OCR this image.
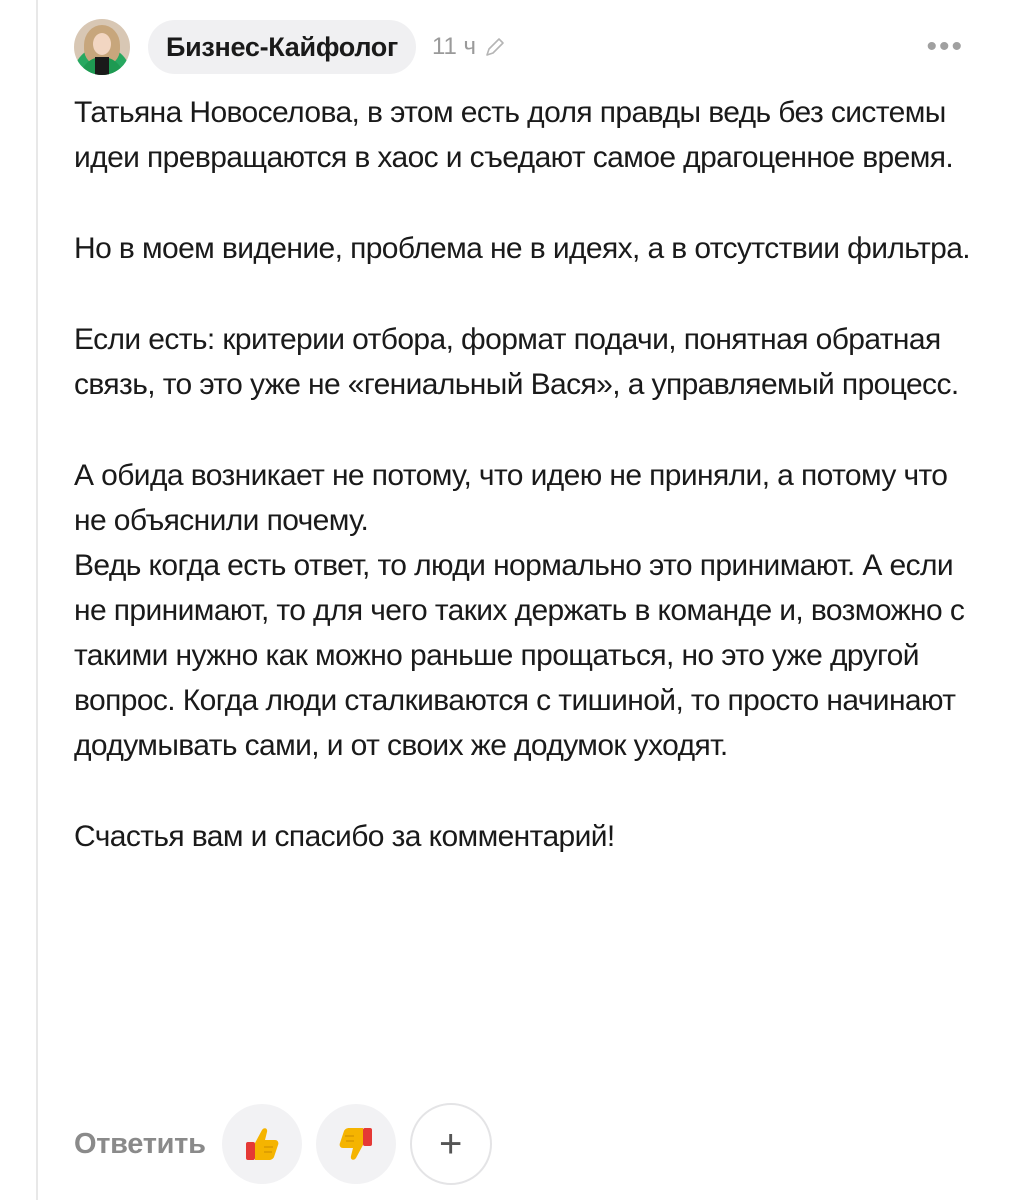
Бизнес-Кайфолог	11 ч	•••

Татьяна Новоселова, в этом есть доля правды ведь без системы идеи превращаются в хаос и съедают самое драгоценное время.

Но в моем видение, проблема не в идеях, а в отсутствии фильтра.

Если есть: критерии отбора, формат подачи, понятная обратная связь, то это уже не «гениальный Вася», а управляемый процесс.

А обида возникает не потому, что идею не приняли, а потому что не объяснили почему.

Ведь когда есть ответ, то люди нормально это принимают. А если не принимают, то для чего таких держать в команде и, возможно с такими нужно как можно раньше прощаться, но это уже другой вопрос. Когда люди сталкиваются с тишиной, то просто начинают додумывать сами, и от своих же додумок уходят.

Счастья вам и спасибо за комментарий!

Ответить	+
